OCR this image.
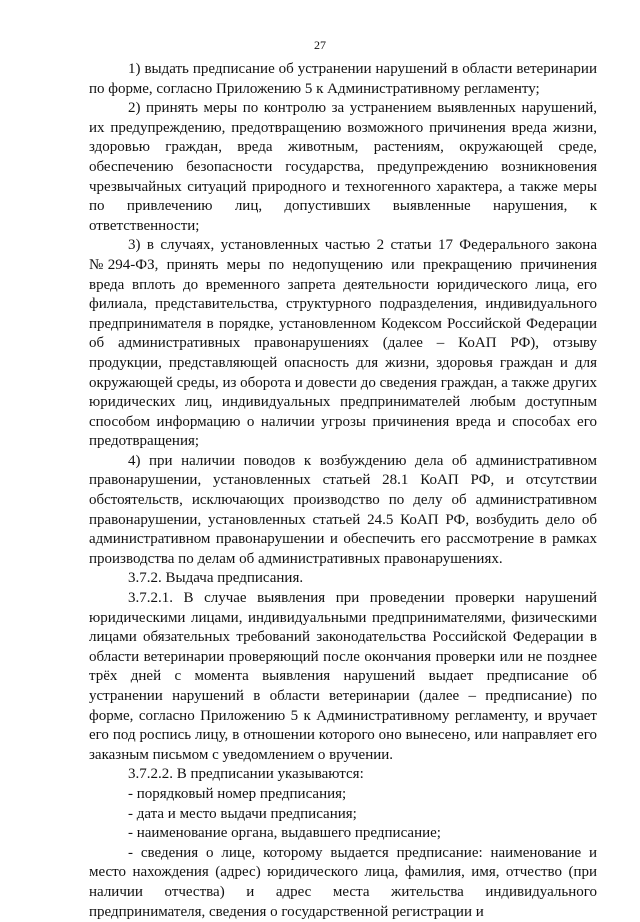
27

1) выдать предписание об устранении нарушений в области ветеринарии по форме, согласно Приложению 5 к Административному регламенту;

2) принять меры по контролю за устранением выявленных нарушений, их предупреждению, предотвращению возможного причинения вреда жизни, здоровью граждан, вреда животным, растениям, окружающей среде, обеспечению безопасности государства, предупреждению возникновения чрезвычайных ситуаций природного и техногенного характера, а также меры по привлечению лиц, допустивших выявленные нарушения, к ответственности;

3) в случаях, установленных частью 2 статьи 17 Федерального закона №294-ФЗ, принять меры по недопущению или прекращению причинения вреда вплоть до временного запрета деятельности юридического лица, его филиала, представительства, структурного подразделения, индивидуального предпринимателя в порядке, установленном Кодексом Российской Федерации об административных правонарушениях (далее – КоАП РФ), отзыву продукции, представляющей опасность для жизни, здоровья граждан и для окружающей среды, из оборота и довести до сведения граждан, а также других юридических лиц, индивидуальных предпринимателей любым доступным способом информацию о наличии угрозы причинения вреда и способах его предотвращения;

4) при наличии поводов к возбуждению дела об административном правонарушении, установленных статьей 28.1 КоАП РФ, и отсутствии обстоятельств, исключающих производство по делу об административном правонарушении, установленных статьей 24.5 КоАП РФ, возбудить дело об административном правонарушении и обеспечить его рассмотрение в рамках производства по делам об административных правонарушениях.

3.7.2. Выдача предписания.

3.7.2.1. В случае выявления при проведении проверки нарушений юридическими лицами, индивидуальными предпринимателями, физическими лицами обязательных требований законодательства Российской Федерации в области ветеринарии проверяющий после окончания проверки или не позднее трёх дней с момента выявления нарушений выдает предписание об устранении нарушений в области ветеринарии (далее – предписание) по форме, согласно Приложению 5 к Административному регламенту, и вручает его под роспись лицу, в отношении которого оно вынесено, или направляет его заказным письмом с уведомлением о вручении.

3.7.2.2. В предписании указываются:

- порядковый номер предписания;

- дата и место выдачи предписания;

- наименование органа, выдавшего предписание;

- сведения о лице, которому выдается предписание: наименование и место нахождения (адрес) юридического лица, фамилия, имя, отчество (при наличии отчества) и адрес места жительства индивидуального предпринимателя, сведения о государственной регистрации и
